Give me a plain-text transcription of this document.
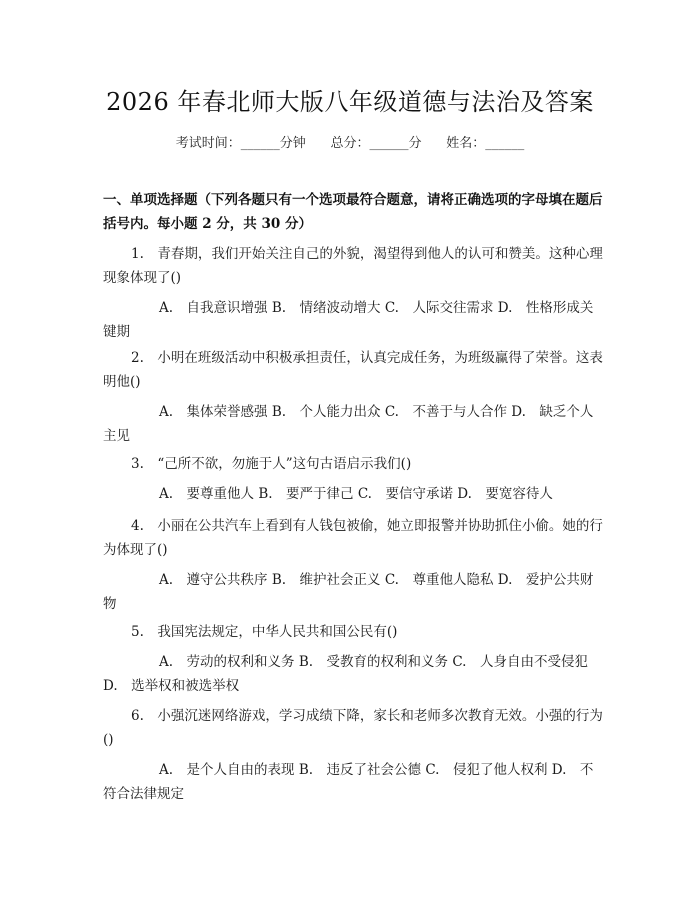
2026 年春北师大版八年级道德与法治及答案
考试时间：______分钟      总分：______分      姓名：______
一、单项选择题（下列各题只有一个选项最符合题意，请将正确选项的字母填在题后括号内。每小题 2 分，共 30 分）
1.　青春期，我们开始关注自己的外貌，渴望得到他人的认可和赞美。这种心理现象体现了()
A.　自我意识增强 B.　情绪波动增大 C.　人际交往需求 D.　性格形成关键期
2.　小明在班级活动中积极承担责任，认真完成任务，为班级赢得了荣誉。这表明他()
A.　集体荣誉感强 B.　个人能力出众 C.　不善于与人合作 D.　缺乏个人主见
3.　“己所不欲，勿施于人”这句古语启示我们()
A.　要尊重他人 B.　要严于律己 C.　要信守承诺 D.　要宽容待人
4.　小丽在公共汽车上看到有人钱包被偷，她立即报警并协助抓住小偷。她的行为体现了()
A.　遵守公共秩序 B.　维护社会正义 C.　尊重他人隐私 D.　爱护公共财物
5.　我国宪法规定，中华人民共和国公民有()
A.　劳动的权利和义务 B.　受教育的权利和义务 C.　人身自由不受侵犯 D.　选举权和被选举权
6.　小强沉迷网络游戏，学习成绩下降，家长和老师多次教育无效。小强的行为()
A.　是个人自由的表现 B.　违反了社会公德 C.　侵犯了他人权利 D.　不符合法律规定
